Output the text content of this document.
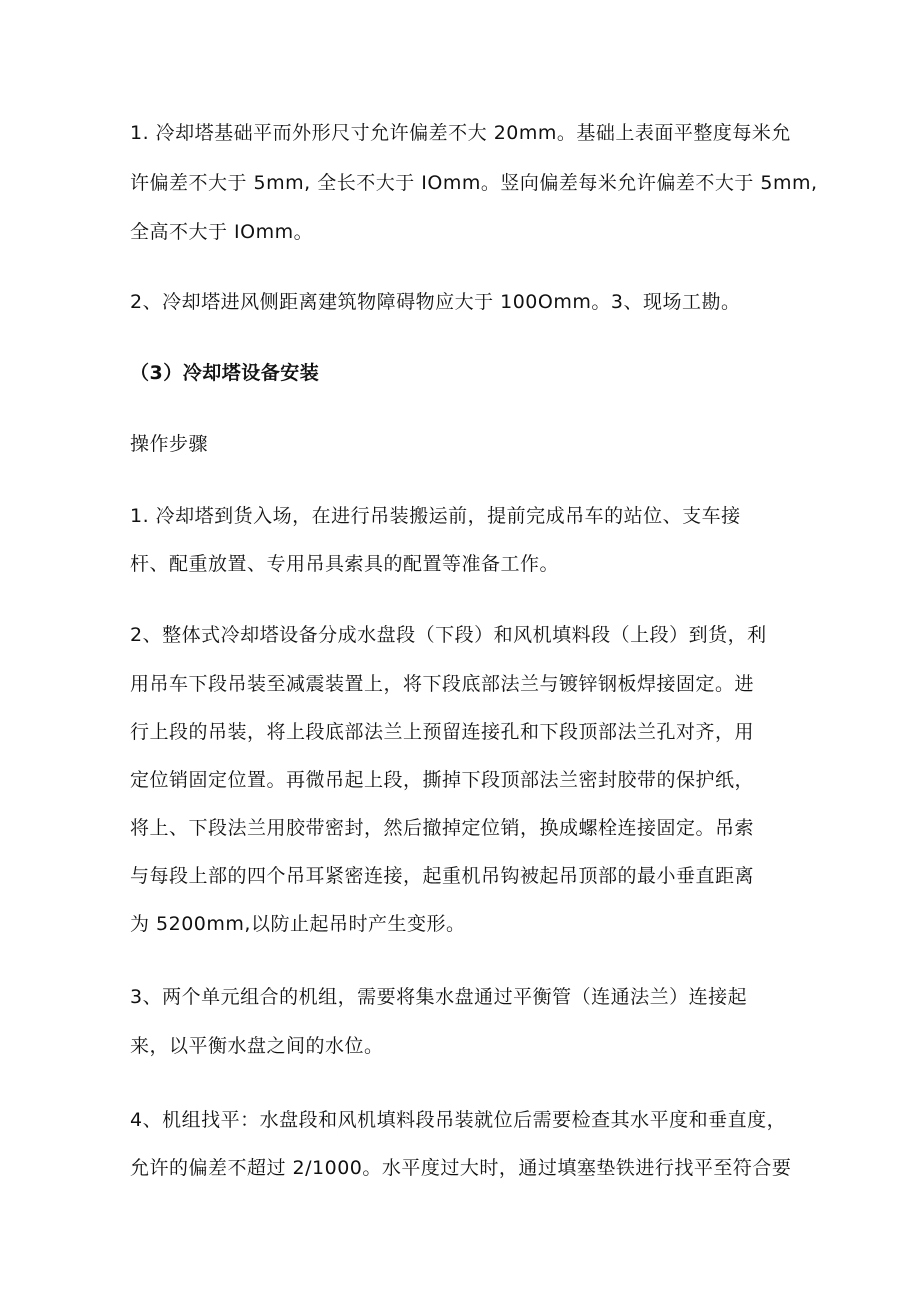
1. 冷却塔基础平而外形尺寸允许偏差不大 20mm。基础上表面平整度每米允
许偏差不大于 5mm, 全长不大于 IOmm。竖向偏差每米允许偏差不大于 5mm,
全高不大于 IOmm。
2、冷却塔进风侧距离建筑物障碍物应大于 100Omm。3、现场工勘。
（3）冷却塔设备安装
操作步骤
1. 冷却塔到货入场，在进行吊装搬运前，提前完成吊车的站位、支车接
杆、配重放置、专用吊具索具的配置等准备工作。
2、整体式冷却塔设备分成水盘段（下段）和风机填料段（上段）到货，利
用吊车下段吊装至减震装置上，将下段底部法兰与镀锌钢板焊接固定。进
行上段的吊装，将上段底部法兰上预留连接孔和下段顶部法兰孔对齐，用
定位销固定位置。再微吊起上段，撕掉下段顶部法兰密封胶带的保护纸，
将上、下段法兰用胶带密封，然后撤掉定位销，换成螺栓连接固定。吊索
与每段上部的四个吊耳紧密连接，起重机吊钩被起吊顶部的最小垂直距离
为 5200mm,以防止起吊时产生变形。
3、两个单元组合的机组，需要将集水盘通过平衡管（连通法兰）连接起
来，以平衡水盘之间的水位。
4、机组找平：水盘段和风机填料段吊装就位后需要检查其水平度和垂直度，
允许的偏差不超过 2/1000。水平度过大时，通过填塞垫铁进行找平至符合要
